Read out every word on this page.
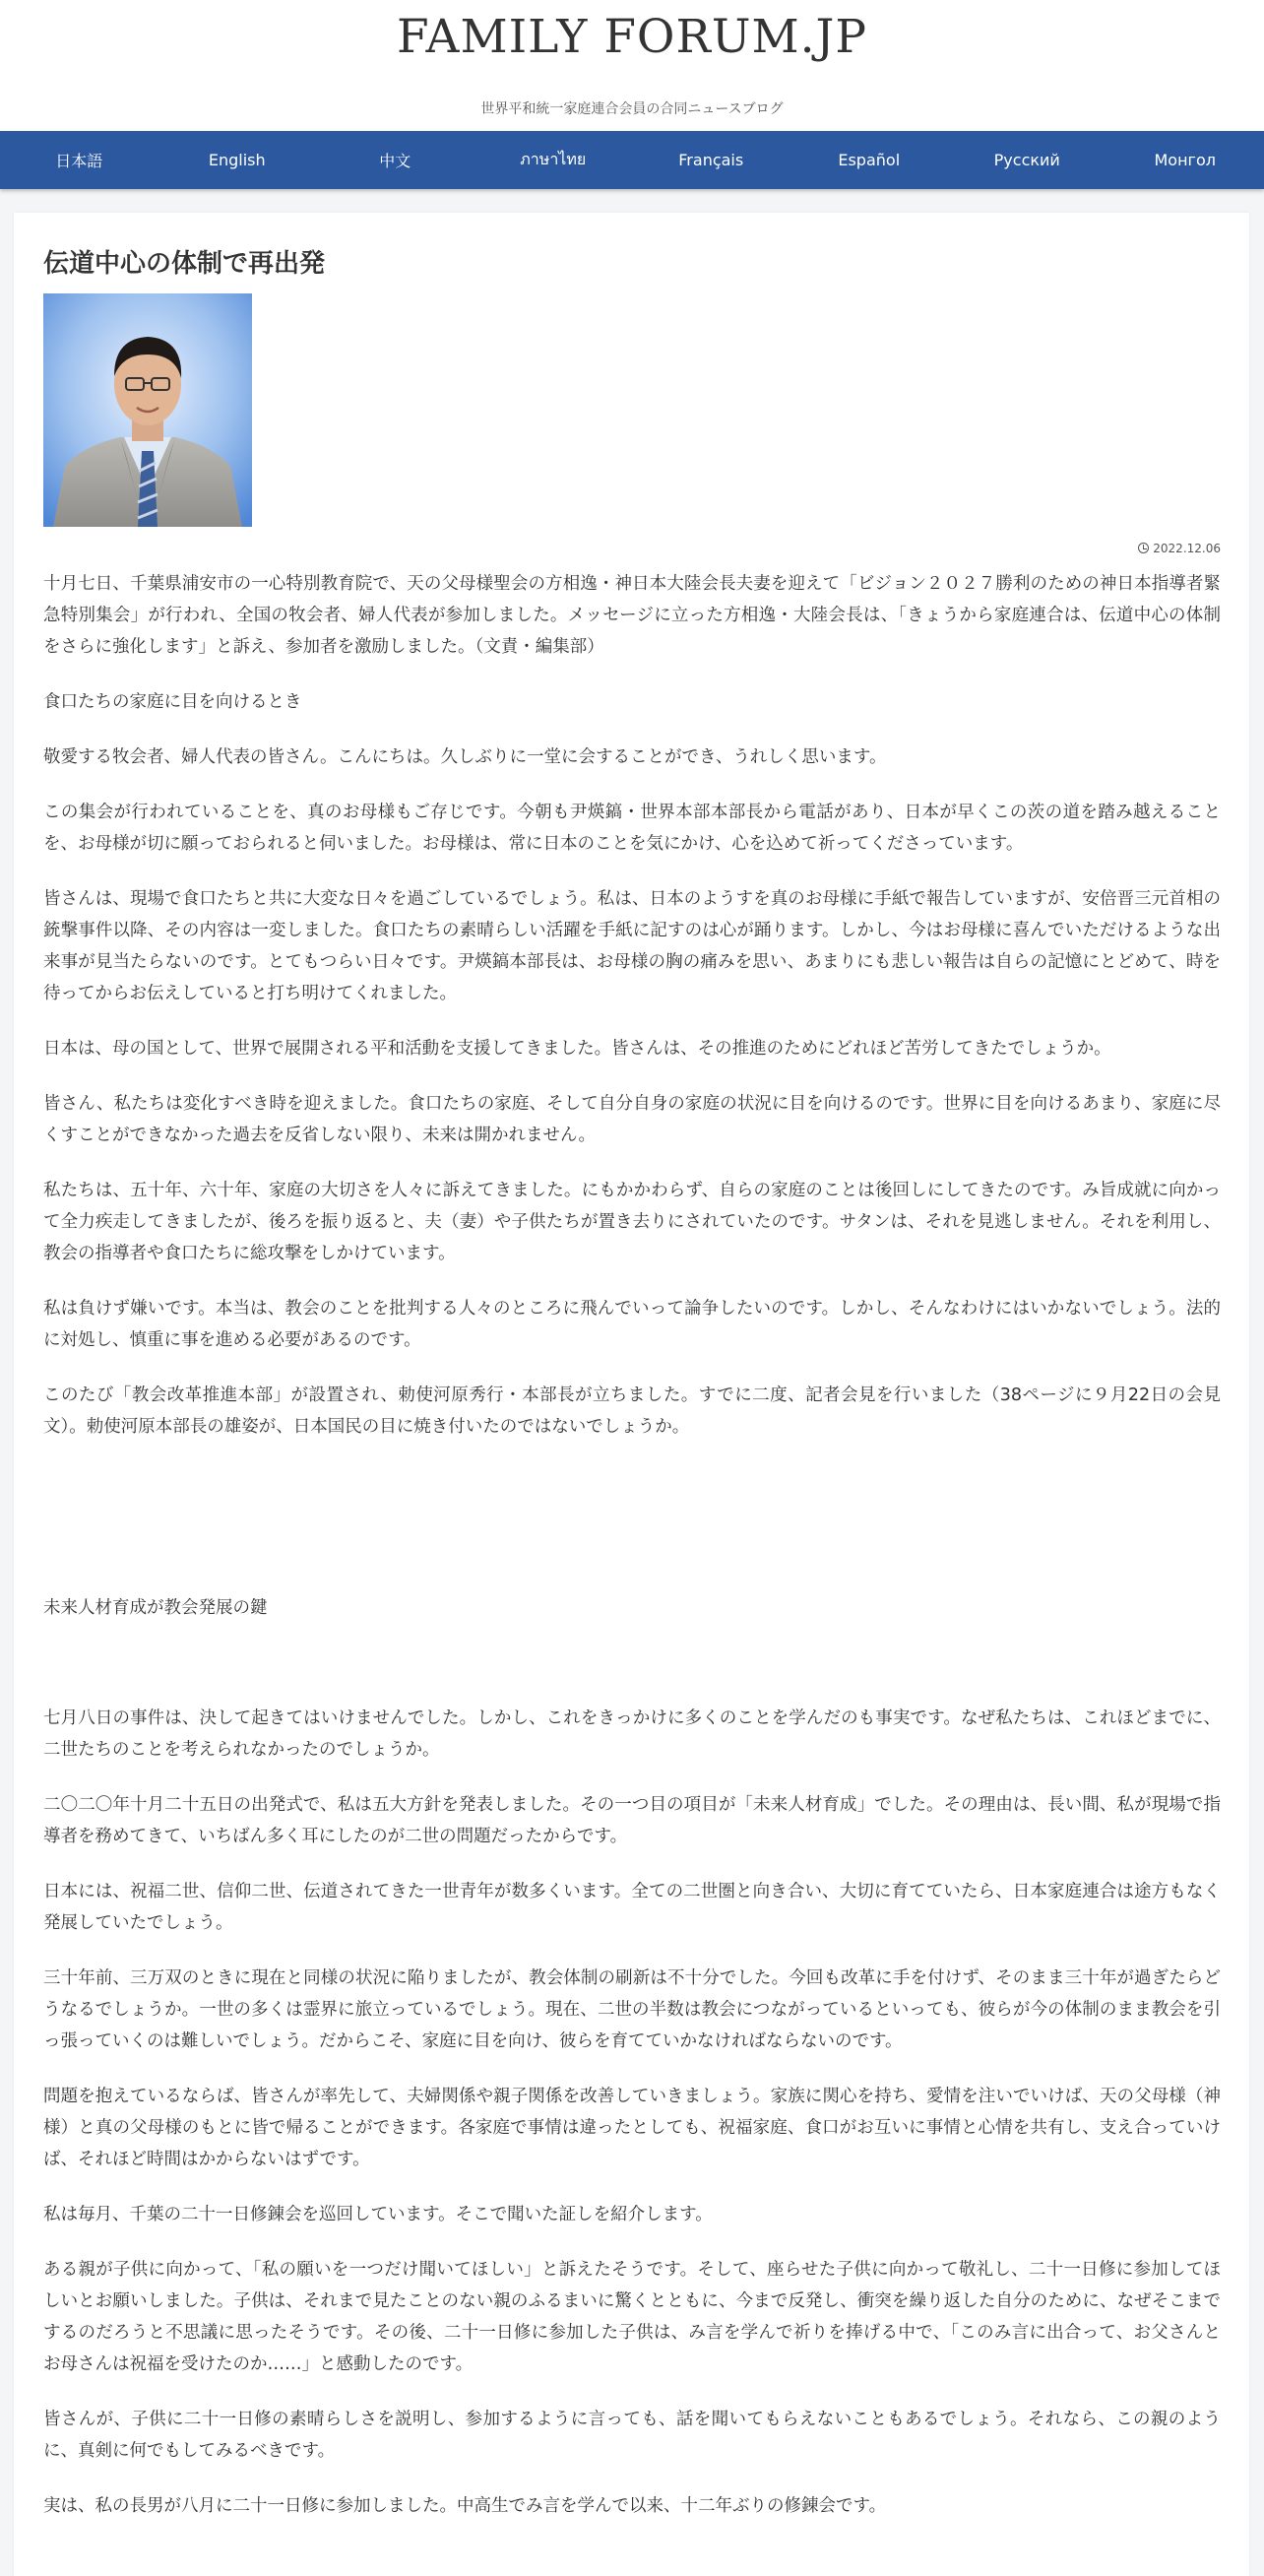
FAMILY FORUM.JP
世界平和統一家庭連合会員の合同ニュースブログ
日本語	English	中文	ภาษาไทย	Français	Español	Русский	Монгол
伝道中心の体制で再出発
2022.12.06

十月七日、千葉県浦安市の一心特別教育院で、天の父母様聖会の方相逸・神日本大陸会長夫妻を迎えて「ビジョン２０２７勝利のための神日本指導者緊急特別集会」が行われ、全国の牧会者、婦人代表が参加しました。メッセージに立った方相逸・大陸会長は、「きょうから家庭連合は、伝道中心の体制をさらに強化します」と訴え、参加者を激励しました。（文責・編集部）

食口たちの家庭に目を向けるとき

敬愛する牧会者、婦人代表の皆さん。こんにちは。久しぶりに一堂に会することができ、うれしく思います。

この集会が行われていることを、真のお母様もご存じです。今朝も尹煐鎬・世界本部本部長から電話があり、日本が早くこの茨の道を踏み越えることを、お母様が切に願っておられると伺いました。お母様は、常に日本のことを気にかけ、心を込めて祈ってくださっています。

皆さんは、現場で食口たちと共に大変な日々を過ごしているでしょう。私は、日本のようすを真のお母様に手紙で報告していますが、安倍晋三元首相の銃撃事件以降、その内容は一変しました。食口たちの素晴らしい活躍を手紙に記すのは心が踊ります。しかし、今はお母様に喜んでいただけるような出来事が見当たらないのです。とてもつらい日々です。尹煐鎬本部長は、お母様の胸の痛みを思い、あまりにも悲しい報告は自らの記憶にとどめて、時を待ってからお伝えしていると打ち明けてくれました。

日本は、母の国として、世界で展開される平和活動を支援してきました。皆さんは、その推進のためにどれほど苦労してきたでしょうか。

皆さん、私たちは変化すべき時を迎えました。食口たちの家庭、そして自分自身の家庭の状況に目を向けるのです。世界に目を向けるあまり、家庭に尽くすことができなかった過去を反省しない限り、未来は開かれません。

私たちは、五十年、六十年、家庭の大切さを人々に訴えてきました。にもかかわらず、自らの家庭のことは後回しにしてきたのです。み旨成就に向かって全力疾走してきましたが、後ろを振り返ると、夫（妻）や子供たちが置き去りにされていたのです。サタンは、それを見逃しません。それを利用し、教会の指導者や食口たちに総攻撃をしかけています。

私は負けず嫌いです。本当は、教会のことを批判する人々のところに飛んでいって論争したいのです。しかし、そんなわけにはいかないでしょう。法的に対処し、慎重に事を進める必要があるのです。

このたび「教会改革推進本部」が設置され、勅使河原秀行・本部長が立ちました。すでに二度、記者会見を行いました（38ページに９月22日の会見文）。勅使河原本部長の雄姿が、日本国民の目に焼き付いたのではないでしょうか。

未来人材育成が教会発展の鍵

七月八日の事件は、決して起きてはいけませんでした。しかし、これをきっかけに多くのことを学んだのも事実です。なぜ私たちは、これほどまでに、二世たちのことを考えられなかったのでしょうか。

二〇二〇年十月二十五日の出発式で、私は五大方針を発表しました。その一つ目の項目が「未来人材育成」でした。その理由は、長い間、私が現場で指導者を務めてきて、いちばん多く耳にしたのが二世の問題だったからです。

日本には、祝福二世、信仰二世、伝道されてきた一世青年が数多くいます。全ての二世圏と向き合い、大切に育てていたら、日本家庭連合は途方もなく発展していたでしょう。

三十年前、三万双のときに現在と同様の状況に陥りましたが、教会体制の刷新は不十分でした。今回も改革に手を付けず、そのまま三十年が過ぎたらどうなるでしょうか。一世の多くは霊界に旅立っているでしょう。現在、二世の半数は教会につながっているといっても、彼らが今の体制のまま教会を引っ張っていくのは難しいでしょう。だからこそ、家庭に目を向け、彼らを育てていかなければならないのです。

問題を抱えているならば、皆さんが率先して、夫婦関係や親子関係を改善していきましょう。家族に関心を持ち、愛情を注いでいけば、天の父母様（神様）と真の父母様のもとに皆で帰ることができます。各家庭で事情は違ったとしても、祝福家庭、食口がお互いに事情と心情を共有し、支え合っていけば、それほど時間はかからないはずです。

私は毎月、千葉の二十一日修錬会を巡回しています。そこで聞いた証しを紹介します。

ある親が子供に向かって、「私の願いを一つだけ聞いてほしい」と訴えたそうです。そして、座らせた子供に向かって敬礼し、二十一日修に参加してほしいとお願いしました。子供は、それまで見たことのない親のふるまいに驚くとともに、今まで反発し、衝突を繰り返した自分のために、なぜそこまでするのだろうと不思議に思ったそうです。その後、二十一日修に参加した子供は、み言を学んで祈りを捧げる中で、「このみ言に出合って、お父さんとお母さんは祝福を受けたのか……」と感動したのです。

皆さんが、子供に二十一日修の素晴らしさを説明し、参加するように言っても、話を聞いてもらえないこともあるでしょう。それなら、この親のように、真剣に何でもしてみるべきです。

実は、私の長男が八月に二十一日修に参加しました。中高生でみ言を学んで以来、十二年ぶりの修錬会です。
